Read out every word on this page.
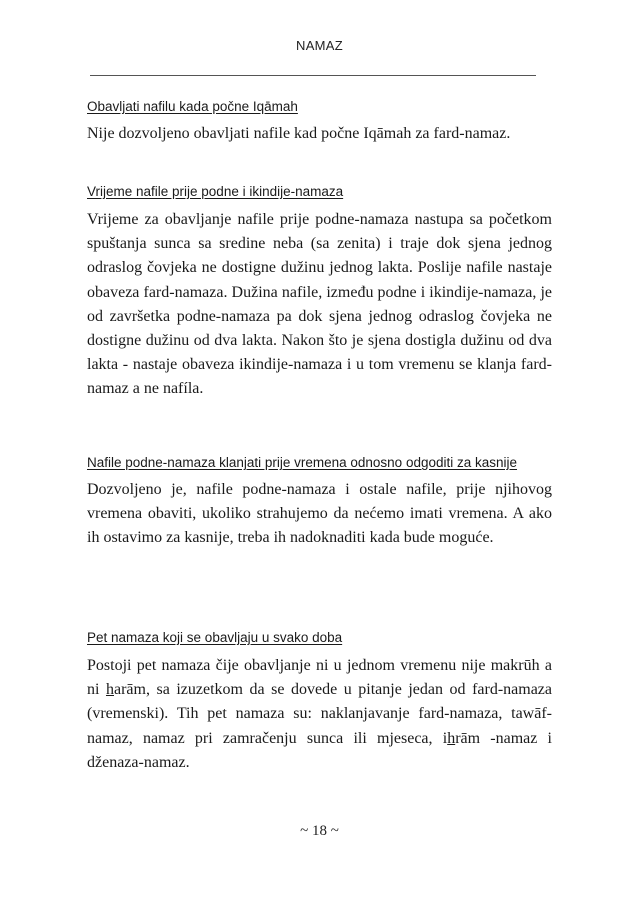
NAMAZ

Obavljati nafilu kada počne Iqāmah

Nije dozvoljeno obavljati nafile kad počne Iqāmah za fard-namaz.

Vrijeme nafile prije podne i ikindije-namaza

Vrijeme za obavljanje nafile prije podne-namaza nastupa sa početkom spuštanja sunca sa sredine neba (sa zenita) i traje dok sjena jednog odraslog čovjeka ne dostigne dužinu jednog lakta. Poslije nafile nastaje obaveza fard-namaza. Dužina nafile, između podne i ikindije-namaza, je od završetka podne-namaza pa dok sjena jednog odraslog čovjeka ne dostigne dužinu od dva lakta. Nakon što je sjena dostigla dužinu od dva lakta - nastaje obaveza ikindije-namaza i u tom vremenu se klanja fard-namaz a ne nafíla.

Nafile podne-namaza klanjati prije vremena odnosno odgoditi za kasnije

Dozvoljeno je, nafile podne-namaza i ostale nafile, prije njihovog vremena obaviti, ukoliko strahujemo da nećemo imati vremena. A ako ih ostavimo za kasnije, treba ih nadoknaditi kada bude moguće.

Pet namaza koji se obavljaju u svako doba

Postoji pet namaza čije obavljanje ni u jednom vremenu nije makrūh a ni harām, sa izuzetkom da se dovede u pitanje jedan od fard-namaza (vremenski). Tih pet namaza su: naklanjavanje fard-namaza, tawāf-namaz, namaz pri zamračenju sunca ili mjeseca, ihrām -namaz i dženaza-namaz.

~ 18 ~
